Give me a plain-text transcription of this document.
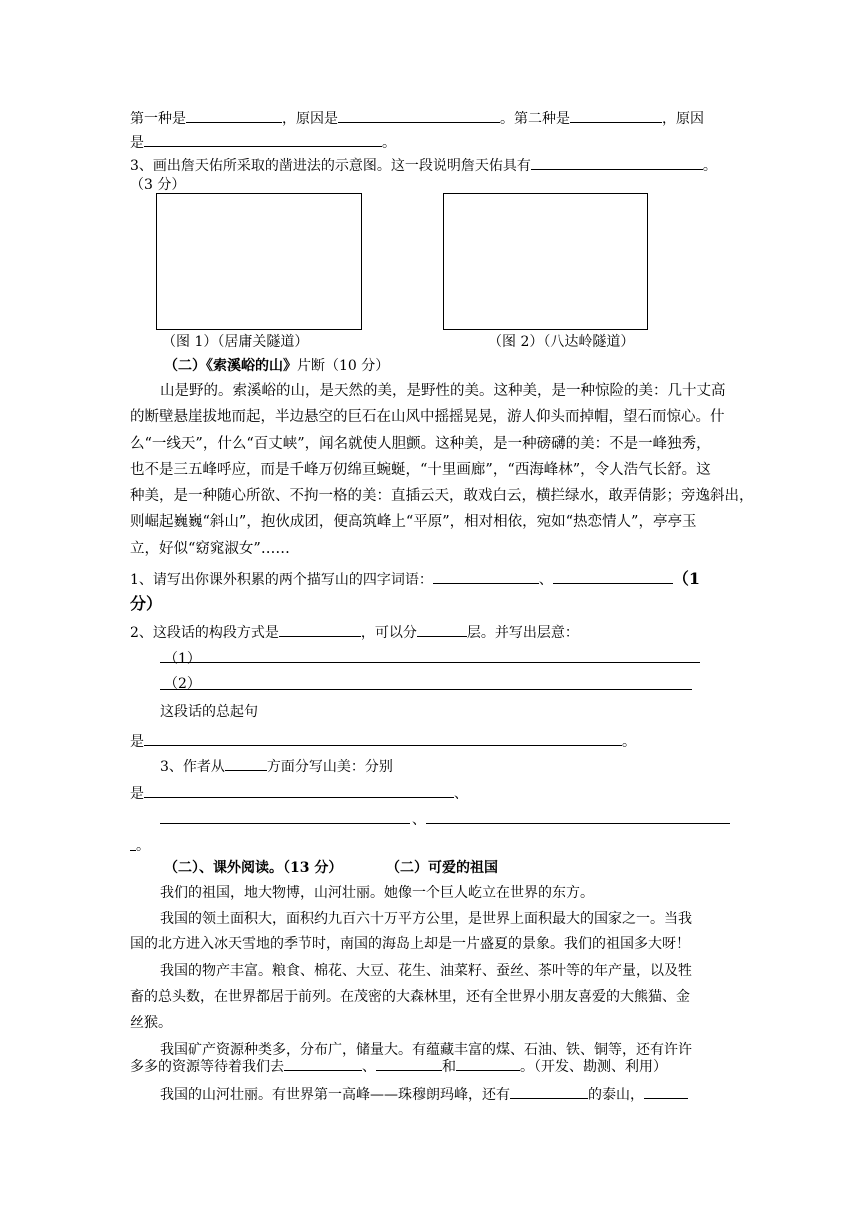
第一种是	，原因是	。第二种是	，原因
是	。
3、画出詹天佑所采取的凿进法的示意图。这一段说明詹天佑具有	。
（3 分）
（图 1）（居庸关隧道）	（图 2）（八达岭隧道）
（二）《索溪峪的山》片断（10 分）
山是野的。索溪峪的山，是天然的美，是野性的美。这种美，是一种惊险的美：几十丈高
的断壁悬崖拔地而起，半边悬空的巨石在山风中摇摇晃晃，游人仰头而掉帽，望石而惊心。什
么“一线天”，什么“百丈峡”，闻名就使人胆颤。这种美，是一种磅礴的美：不是一峰独秀，
也不是三五峰呼应，而是千峰万仞绵亘蜿蜒，“十里画廊”，“西海峰林”，令人浩气长舒。这
种美，是一种随心所欲、不拘一格的美：直插云天，敢戏白云，横拦绿水，敢弄倩影；旁逸斜出，
则崛起巍巍“斜山”，抱伙成团，便高筑峰上“平原”，相对相依，宛如“热恋情人”，亭亭玉
立，好似“窈窕淑女”……
1、请写出你课外积累的两个描写山的四字词语：	、	（1
分）
2、这段话的构段方式是	，可以分	层。并写出层意：
（1）
（2）
这段话的总起句
是	。
3、作者从	方面分写山美：分别
是	、
、
。
（二）、课外阅读。（13 分）	（二）可爱的祖国
我们的祖国，地大物博，山河壮丽。她像一个巨人屹立在世界的东方。
我国的领土面积大，面积约九百六十万平方公里，是世界上面积最大的国家之一。当我
国的北方进入冰天雪地的季节时，南国的海岛上却是一片盛夏的景象。我们的祖国多大呀！
我国的物产丰富。粮食、棉花、大豆、花生、油菜籽、蚕丝、茶叶等的年产量，以及牲
畜的总头数，在世界都居于前列。在茂密的大森林里，还有全世界小朋友喜爱的大熊猫、金
丝猴。
我国矿产资源种类多，分布广，储量大。有蕴藏丰富的煤、石油、铁、铜等，还有许许
多多的资源等待着我们去	、	和	。（开发、勘测、利用）
我国的山河壮丽。有世界第一高峰——珠穆朗玛峰，还有	的泰山，
